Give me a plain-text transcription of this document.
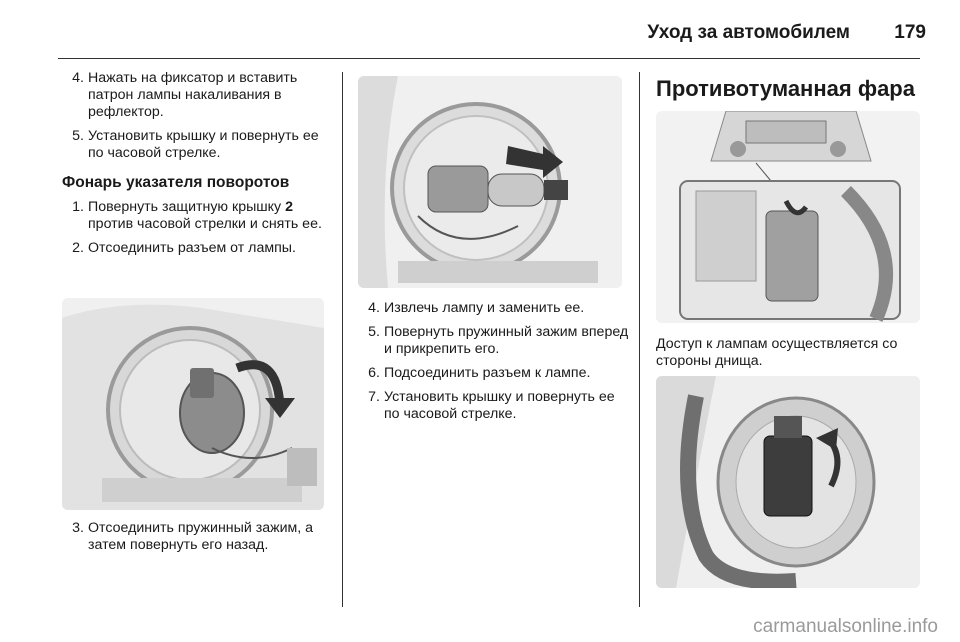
Уход за автомобилем	179
4 . Нажать на фиксатор и вставить патрон лампы накаливания в рефлектор.
5 . Установить крышку и повернуть ее по часовой стрелке.
Фонарь указателя поворотов
1 . Повернуть защитную крышку 2 против часовой стрелки и снять ее.
2 . Отсоединить разъем от лампы.
3 . Отсоединить пружинный зажим, а затем повернуть его назад.
4 . Извлечь лампу и заменить ее.
5 . Повернуть пружинный зажим вперед и прикрепить его.
6 . Подсоединить разъем к лампе.
7 . Установить крышку и повернуть ее по часовой стрелке.
Противотуманная фара

Доступ к лампам осуществляется со стороны днища.

carmanualsonline.info
